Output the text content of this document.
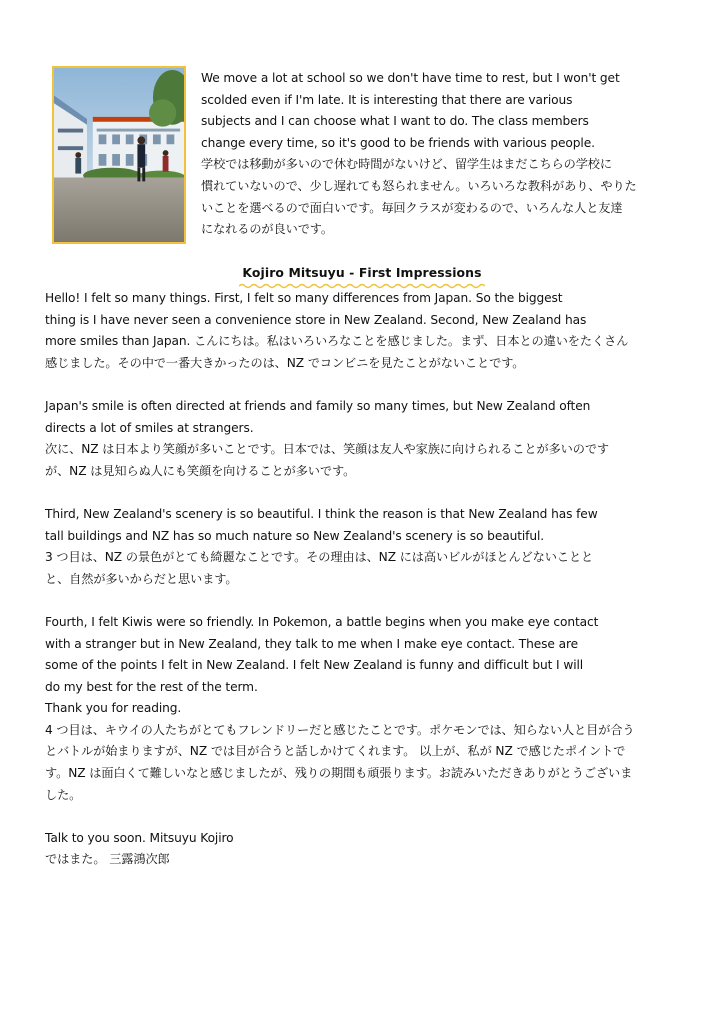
We move a lot at school so we don't have time to rest, but I won't get

scolded even if I'm late. It is interesting that there are various

subjects and I can choose what I want to do. The class members

change every time, so it's good to be friends with various people.

学校では移動が多いので休む時間がないけど、留学生はまだこちらの学校に

慣れていないので、少し遅れても怒られません。いろいろな教科があり、やりた

いことを選べるので面白いです。毎回クラスが変わるので、いろんな人と友達

になれるのが良いです。

Kojiro Mitsuyu - First Impressions

Hello! I felt so many things. First, I felt so many differences from Japan. So the biggest

thing is I have never seen a convenience store in New Zealand. Second, New Zealand has

more smiles than Japan. こんにちは。私はいろいろなことを感じました。まず、日本との違いをたくさん

感じました。その中で一番大きかったのは、NZ でコンビニを見たことがないことです。

Japan's smile is often directed at friends and family so many times, but New Zealand often

directs a lot of smiles at strangers.

次に、NZ は日本より笑顔が多いことです。日本では、笑顔は友人や家族に向けられることが多いのです

が、NZ は見知らぬ人にも笑顔を向けることが多いです。

Third, New Zealand's scenery is so beautiful. I think the reason is that New Zealand has few

tall buildings and NZ has so much nature so New Zealand's scenery is so beautiful.

3 つ目は、NZ の景色がとても綺麗なことです。その理由は、NZ には高いビルがほとんどないことと

と、自然が多いからだと思います。

Fourth, I felt Kiwis were so friendly. In Pokemon, a battle begins when you make eye contact

with a stranger but in New Zealand, they talk to me when I make eye contact. These are

some of the points I felt in New Zealand. I felt New Zealand is funny and difficult but I will

do my best for the rest of the term.

Thank you for reading.

4 つ目は、キウイの人たちがとてもフレンドリーだと感じたことです。ポケモンでは、知らない人と目が合う

とバトルが始まりますが、NZ では目が合うと話しかけてくれます。 以上が、私が NZ で感じたポイントで

す。NZ は面白くて難しいなと感じましたが、残りの期間も頑張ります。お読みいただきありがとうございま

した。

Talk to you soon. Mitsuyu Kojiro

ではまた。 三露鴻次郎
